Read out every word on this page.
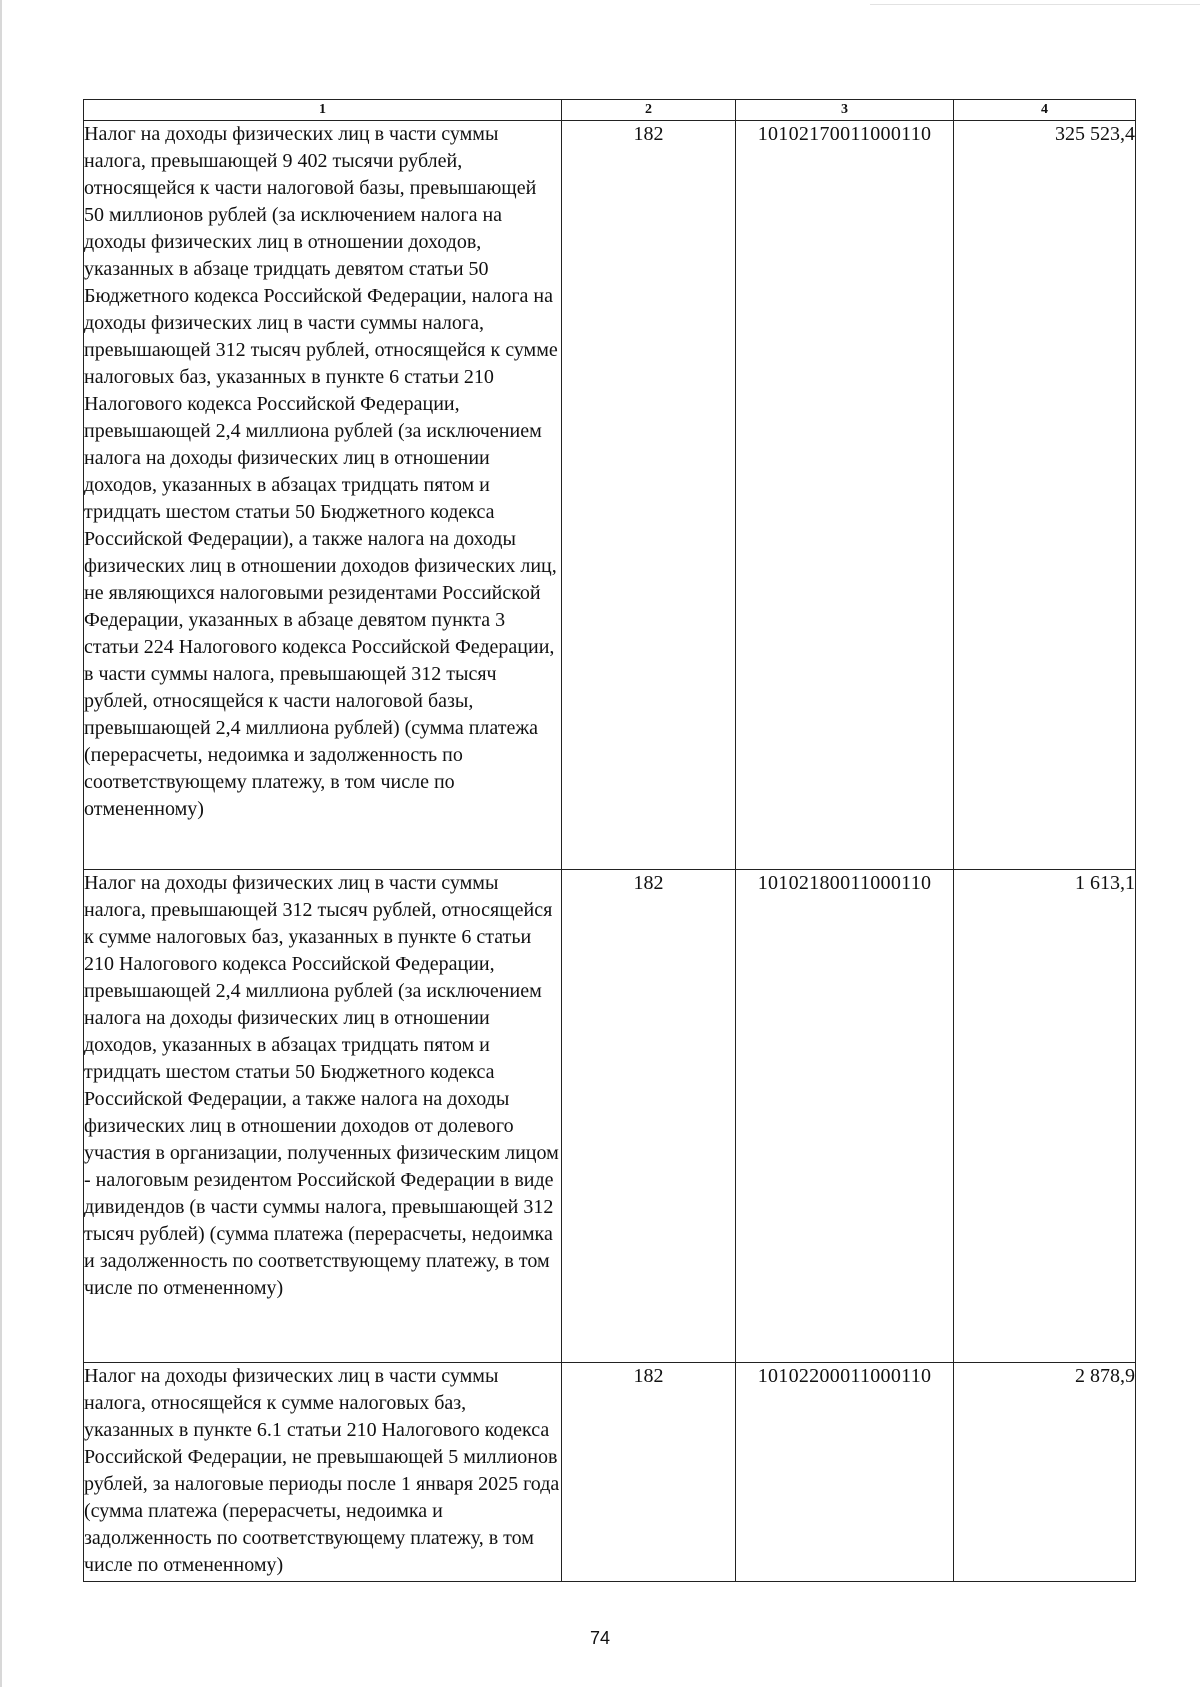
1	2	3	4
Налог на доходы физических лиц в части суммы налога, превышающей 9 402 тысячи рублей, относящейся к части налоговой базы, превышающей 50 миллионов рублей (за исключением налога на доходы физических лиц в отношении доходов, указанных в абзаце тридцать девятом статьи 50 Бюджетного кодекса Российской Федерации, налога на доходы физических лиц в части суммы налога, превышающей 312 тысяч рублей, относящейся к сумме налоговых баз, указанных в пункте 6 статьи 210 Налогового кодекса Российской Федерации, превышающей 2,4 миллиона рублей (за исключением налога на доходы физических лиц в отношении доходов, указанных в абзацах тридцать пятом и тридцать шестом статьи 50 Бюджетного кодекса Российской Федерации), а также налога на доходы физических лиц в отношении доходов физических лиц, не являющихся налоговыми резидентами Российской Федерации, указанных в абзаце девятом пункта 3 статьи 224 Налогового кодекса Российской Федерации, в части суммы налога, превышающей 312 тысяч рублей, относящейся к части налоговой базы, превышающей 2,4 миллиона рублей) (сумма платежа (перерасчеты, недоимка и задолженность по соответствующему платежу, в том числе по отмененному)	182	10102170011000110	325 523,4
Налог на доходы физических лиц в части суммы налога, превышающей 312 тысяч рублей, относящейся к сумме налоговых баз, указанных в пункте 6 статьи 210 Налогового кодекса Российской Федерации, превышающей 2,4 миллиона рублей (за исключением налога на доходы физических лиц в отношении доходов, указанных в абзацах тридцать пятом и тридцать шестом статьи 50 Бюджетного кодекса Российской Федерации, а также налога на доходы физических лиц в отношении доходов от долевого участия в организации, полученных физическим лицом - налоговым резидентом Российской Федерации в виде дивидендов (в части суммы налога, превышающей 312 тысяч рублей) (сумма платежа (перерасчеты, недоимка и задолженность по соответствующему платежу, в том числе по отмененному)	182	10102180011000110	1 613,1
Налог на доходы физических лиц в части суммы налога, относящейся к сумме налоговых баз, указанных в пункте 6.1 статьи 210 Налогового кодекса Российской Федерации, не превышающей 5 миллионов рублей, за налоговые периоды после 1 января 2025 года (сумма платежа (перерасчеты, недоимка и задолженность по соответствующему платежу, в том числе по отмененному)	182	10102200011000110	2 878,9
74
